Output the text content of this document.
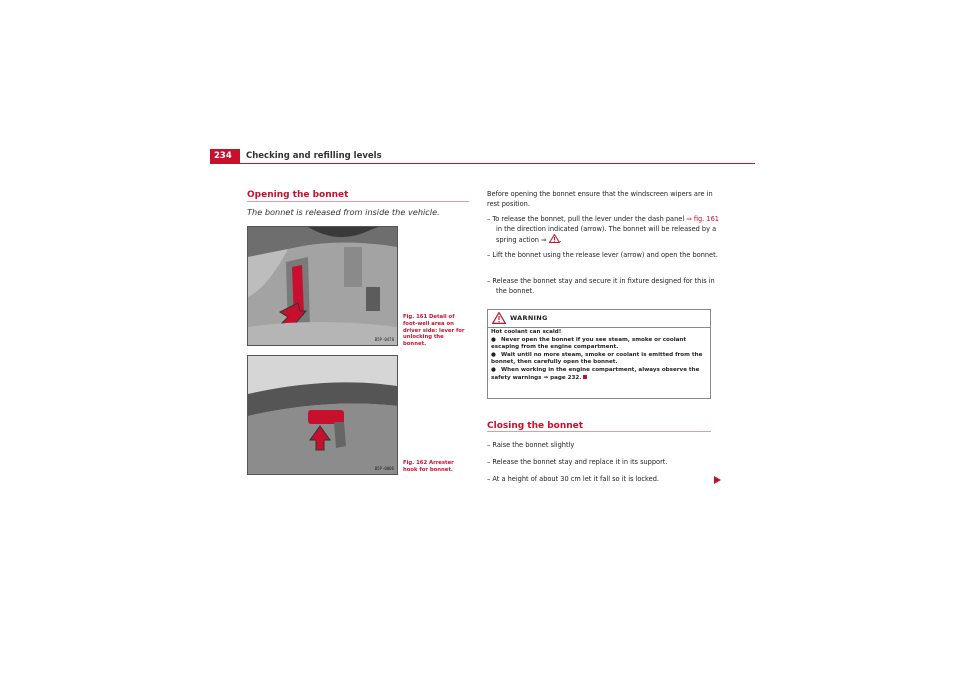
234	Checking and refilling levels
Opening the bonnet
The bonnet is released from inside the vehicle.
B5P-0478
Fig. 161 Detail of foot-well area on driver side: lever for unlocking the bonnet.
B5P-0006
Fig. 162 Arrester hook for bonnet.
Before opening the bonnet ensure that the windscreen wipers are in rest position.
– To release the bonnet, pull the lever under the dash panel ⇒ fig. 161 in the direction indicated (arrow). The bonnet will be released by a spring action ⇒ .
– Lift the bonnet using the release lever (arrow) and open the bonnet.
– Release the bonnet stay and secure it in fixture designed for this in the bonnet.
WARNING
Hot coolant can scald!
● Never open the bonnet if you see steam, smoke or coolant escaping from the engine compartment.
● Wait until no more steam, smoke or coolant is emitted from the bonnet, then carefully open the bonnet.
● When working in the engine compartment, always observe the safety warnings ⇒ page 232.
Closing the bonnet
– Raise the bonnet slightly
– Release the bonnet stay and replace it in its support.
– At a height of about 30 cm let it fall so it is locked.
